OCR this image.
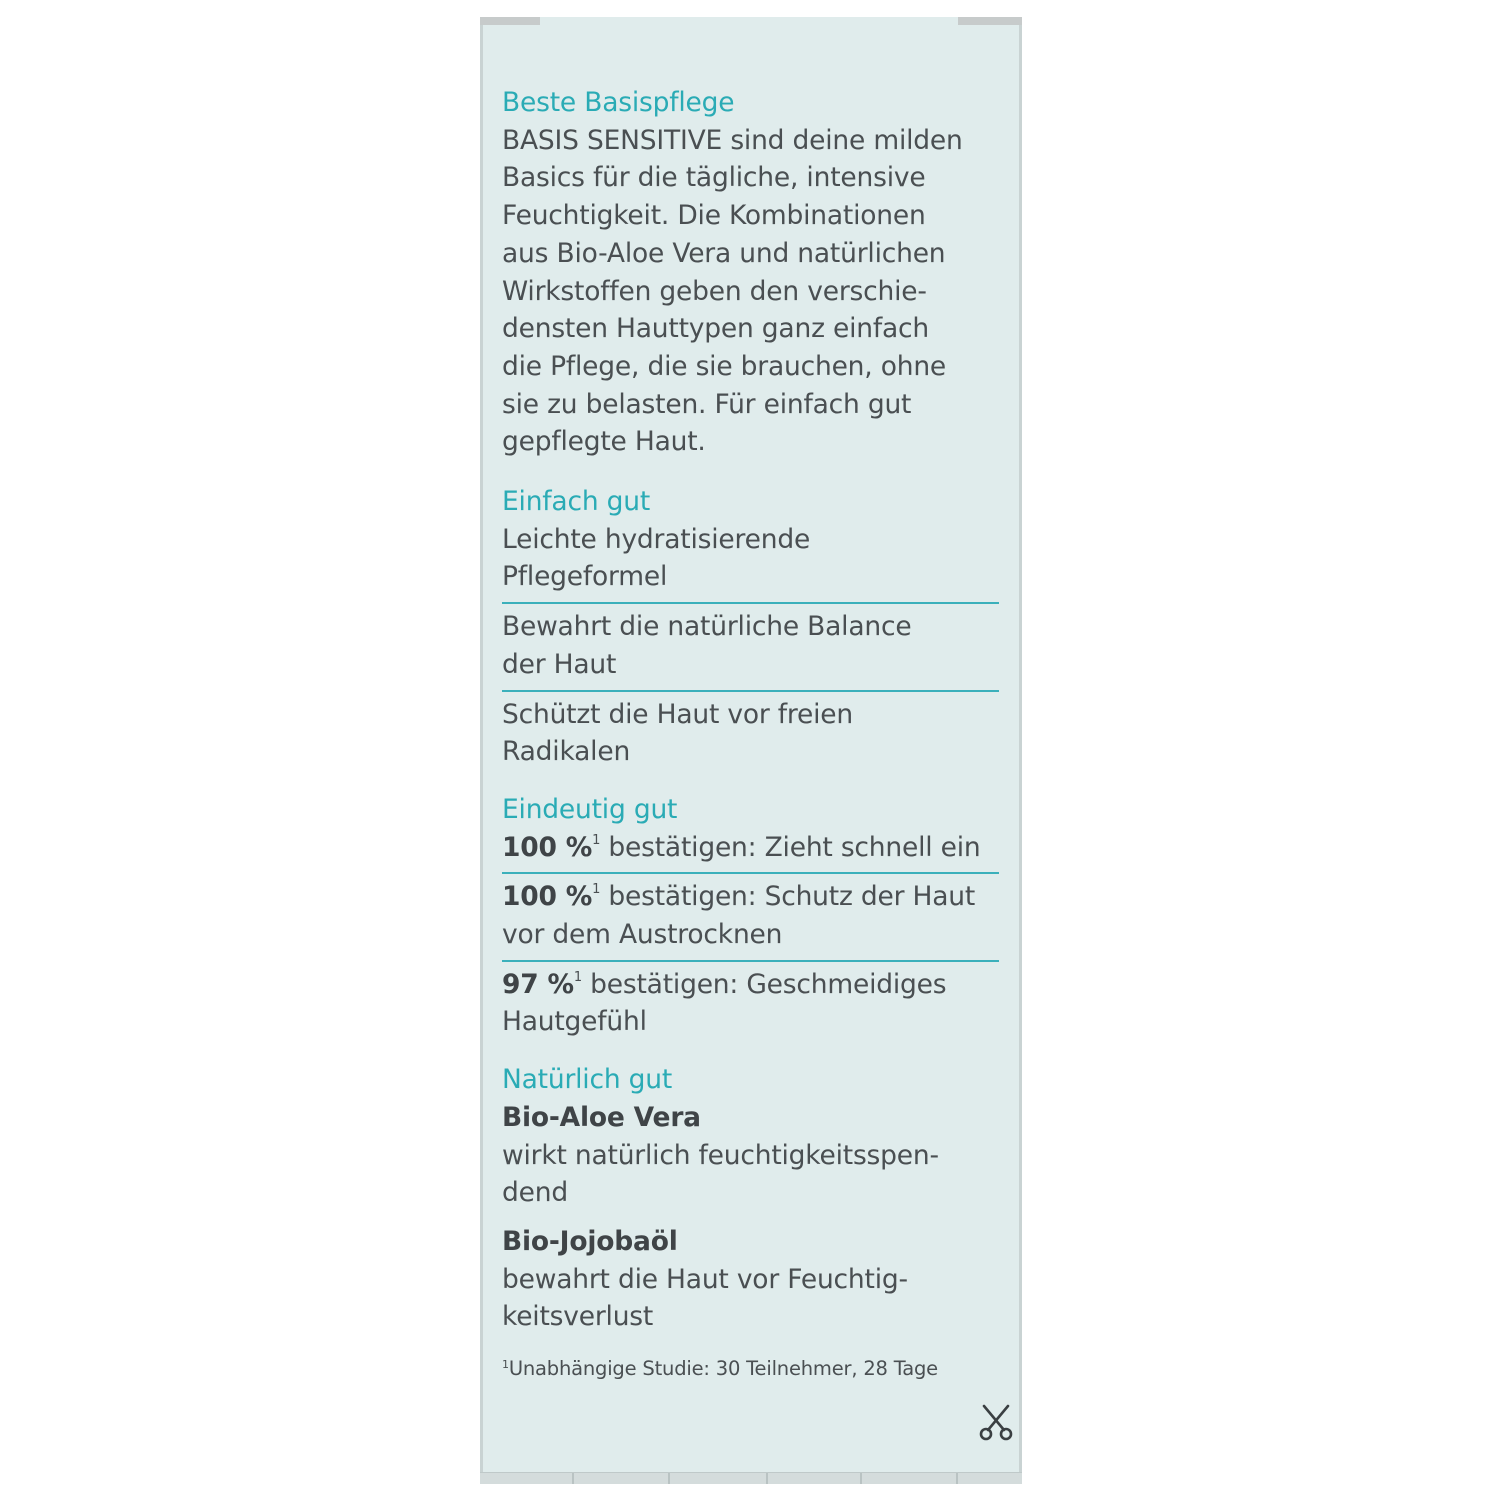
Beste Basispflege
BASIS SENSITIVE sind deine milden
Basics für die tägliche, intensive
Feuchtigkeit. Die Kombinationen
aus Bio-Aloe Vera und natürlichen
Wirkstoffen geben den verschie-
densten Hauttypen ganz einfach
die Pflege, die sie brauchen, ohne
sie zu belasten. Für einfach gut
gepflegte Haut.
Einfach gut
Leichte hydratisierende
Pflegeformel
Bewahrt die natürliche Balance
der Haut
Schützt die Haut vor freien
Radikalen
Eindeutig gut
100 %$^1$ bestätigen: Zieht schnell ein
100 %$^1$ bestätigen: Schutz der Haut
vor dem Austrocknen
97 %$^1$ bestätigen: Geschmeidiges
Hautgefühl
Natürlich gut
Bio-Aloe Vera
wirkt natürlich feuchtigkeitsspen-
dend
Bio-Jojobaöl
bewahrt die Haut vor Feuchtig-
keitsverlust
$^1$Unabhängige Studie: 30 Teilnehmer, 28 Tage
